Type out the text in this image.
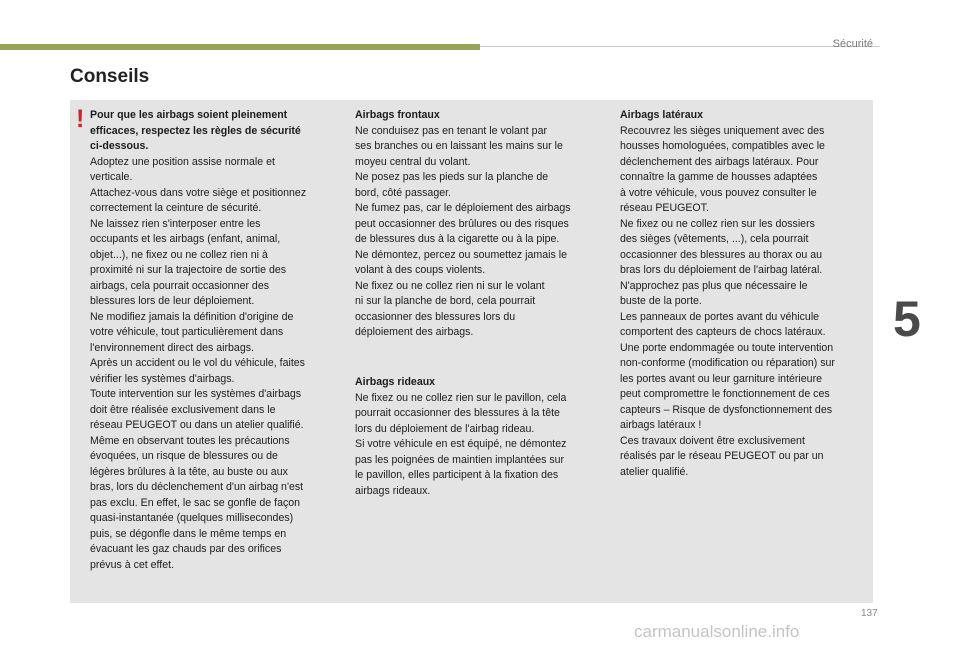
Sécurité
Conseils
! Pour que les airbags soient pleinement
efficaces, respectez les règles de sécurité
ci-dessous.
Adoptez une position assise normale et
verticale.
Attachez-vous dans votre siège et positionnez
correctement la ceinture de sécurité.
Ne laissez rien s'interposer entre les
occupants et les airbags (enfant, animal,
objet...), ne fixez ou ne collez rien ni à
proximité ni sur la trajectoire de sortie des
airbags, cela pourrait occasionner des
blessures lors de leur déploiement.
Ne modifiez jamais la définition d'origine de
votre véhicule, tout particulièrement dans
l'environnement direct des airbags.
Après un accident ou le vol du véhicule, faites
vérifier les systèmes d'airbags.
Toute intervention sur les systèmes d'airbags
doit être réalisée exclusivement dans le
réseau PEUGEOT ou dans un atelier qualifié.
Même en observant toutes les précautions
évoquées, un risque de blessures ou de
légères brûlures à la tête, au buste ou aux
bras, lors du déclenchement d'un airbag n'est
pas exclu. En effet, le sac se gonfle de façon
quasi-instantanée (quelques millisecondes)
puis, se dégonfle dans le même temps en
évacuant les gaz chauds par des orifices
prévus à cet effet.
Airbags frontaux
Ne conduisez pas en tenant le volant par
ses branches ou en laissant les mains sur le
moyeu central du volant.
Ne posez pas les pieds sur la planche de
bord, côté passager.
Ne fumez pas, car le déploiement des airbags
peut occasionner des brûlures ou des risques
de blessures dus à la cigarette ou à la pipe.
Ne démontez, percez ou soumettez jamais le
volant à des coups violents.
Ne fixez ou ne collez rien ni sur le volant
ni sur la planche de bord, cela pourrait
occasionner des blessures lors du
déploiement des airbags.
Airbags rideaux
Ne fixez ou ne collez rien sur le pavillon, cela
pourrait occasionner des blessures à la tête
lors du déploiement de l'airbag rideau.
Si votre véhicule en est équipé, ne démontez
pas les poignées de maintien implantées sur
le pavillon, elles participent à la fixation des
airbags rideaux.
Airbags latéraux
Recouvrez les sièges uniquement avec des
housses homologuées, compatibles avec le
déclenchement des airbags latéraux. Pour
connaître la gamme de housses adaptées
à votre véhicule, vous pouvez consulter le
réseau PEUGEOT.
Ne fixez ou ne collez rien sur les dossiers
des sièges (vêtements, ...), cela pourrait
occasionner des blessures au thorax ou au
bras lors du déploiement de l'airbag latéral.
N'approchez pas plus que nécessaire le
buste de la porte.
Les panneaux de portes avant du véhicule
comportent des capteurs de chocs latéraux.
Une porte endommagée ou toute intervention
non-conforme (modification ou réparation) sur
les portes avant ou leur garniture intérieure
peut compromettre le fonctionnement de ces
capteurs – Risque de dysfonctionnement des
airbags latéraux !
Ces travaux doivent être exclusivement
réalisés par le réseau PEUGEOT ou par un
atelier qualifié.
5
137
carmanualsonline.info
